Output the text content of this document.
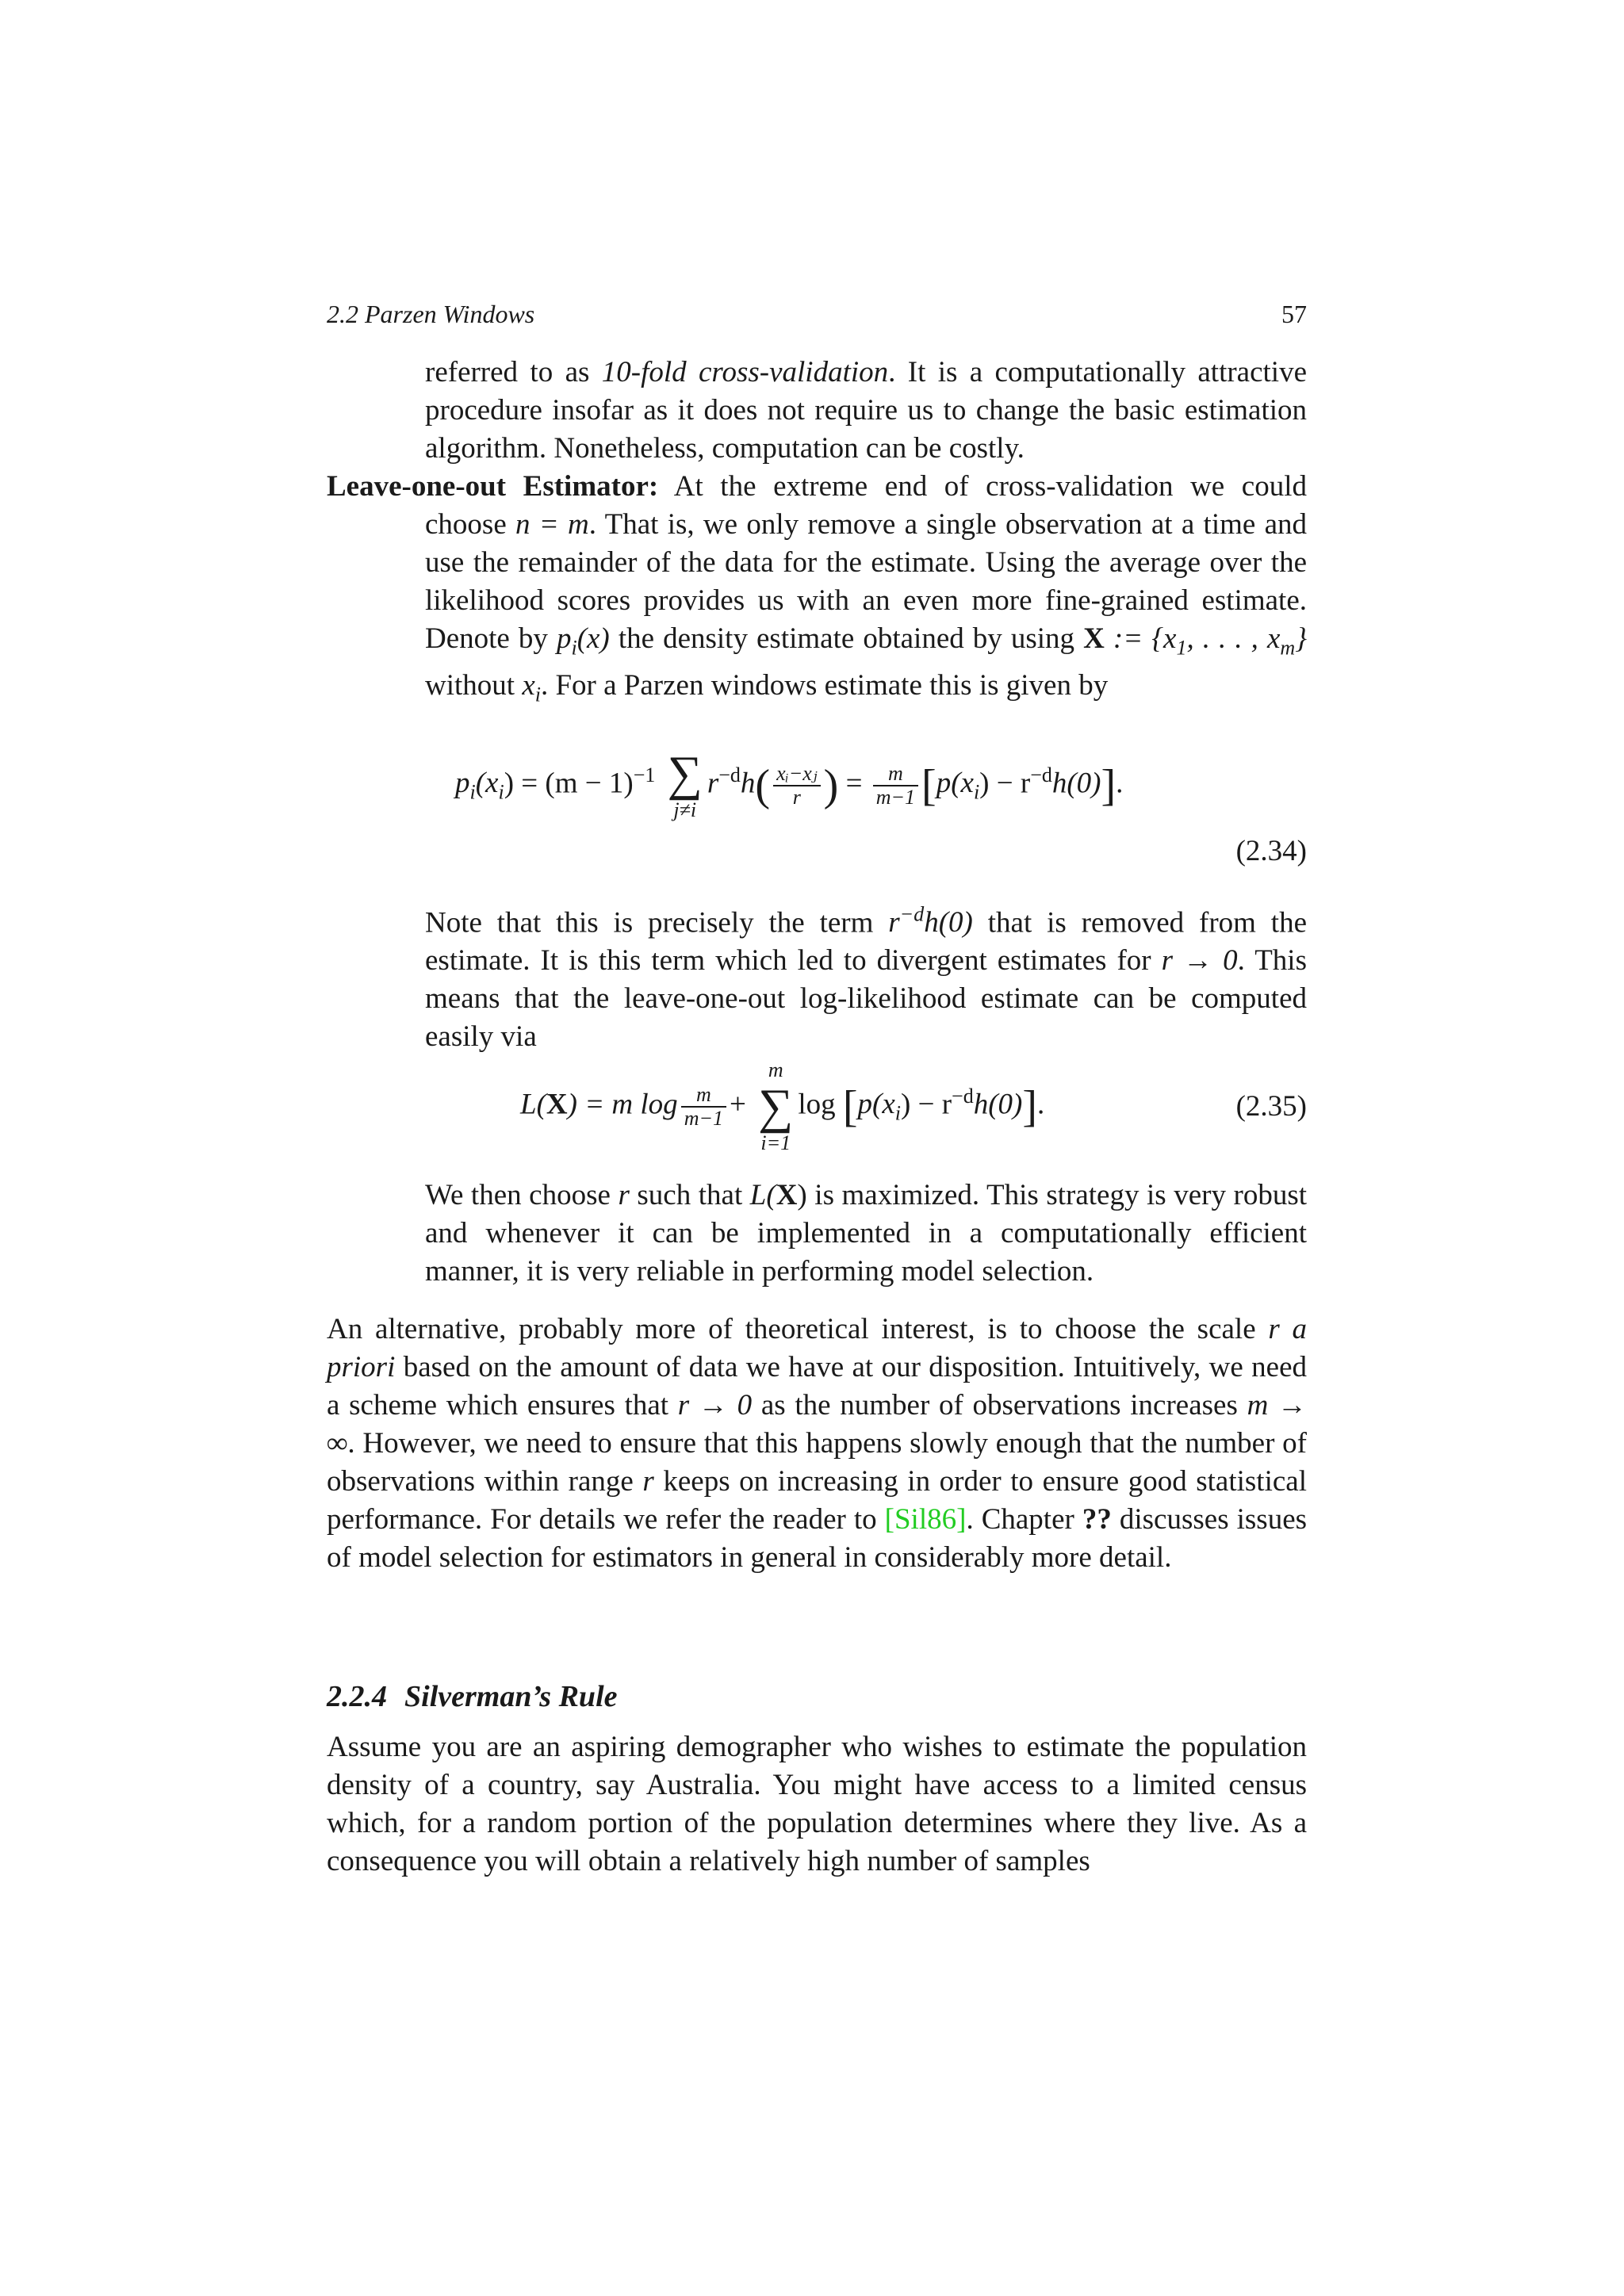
2.2 Parzen Windows	57
referred to as 10-fold cross-validation. It is a computationally attractive procedure insofar as it does not require us to change the basic estimation algorithm. Nonetheless, computation can be costly.
Leave-one-out Estimator: At the extreme end of cross-validation we could choose n = m. That is, we only remove a single observation at a time and use the remainder of the data for the estimate. Using the average over the likelihood scores provides us with an even more fine-grained estimate. Denote by $p_i(x)$ the density estimate obtained by using X := {$x_1$, . . . , $x_m$} without $x_i$. For a Parzen windows estimate this is given by
$p_i(x_i) = (m - 1)^{-1}$ ∑
j≠i
$r^{-d}h( \frac{\text{xᵢ−xⱼ}}{r}$ ) = $\frac{m}{m-1} [p(x_i) - r^{-d}h(0)]$.
(2.34)
Note that this is precisely the term $r^{-d}h(0)$ that is removed from the estimate. It is this term which led to divergent estimates for r → 0. This means that the leave-one-out log-likelihood estimate can be computed easily via
L(X) = m $\log \frac{m}{m-1}$ +
m
∑
i=1
$\log [p(x_i) - r^{-d}h(0)]$.	(2.35)
We then choose r such that L(X) is maximized. This strategy is very robust and whenever it can be implemented in a computationally efficient manner, it is very reliable in performing model selection.
An alternative, probably more of theoretical interest, is to choose the scale r a priori based on the amount of data we have at our disposition. Intuitively, we need a scheme which ensures that r → 0 as the number of observations increases m → ∞. However, we need to ensure that this happens slowly enough that the number of observations within range r keeps on increasing in order to ensure good statistical performance. For details we refer the reader to [Sil86]. Chapter ?? discusses issues of model selection for estimators in general in considerably more detail.
2.2.4 Silverman’s Rule
Assume you are an aspiring demographer who wishes to estimate the population density of a country, say Australia. You might have access to a limited census which, for a random portion of the population determines where they live. As a consequence you will obtain a relatively high number of samples
